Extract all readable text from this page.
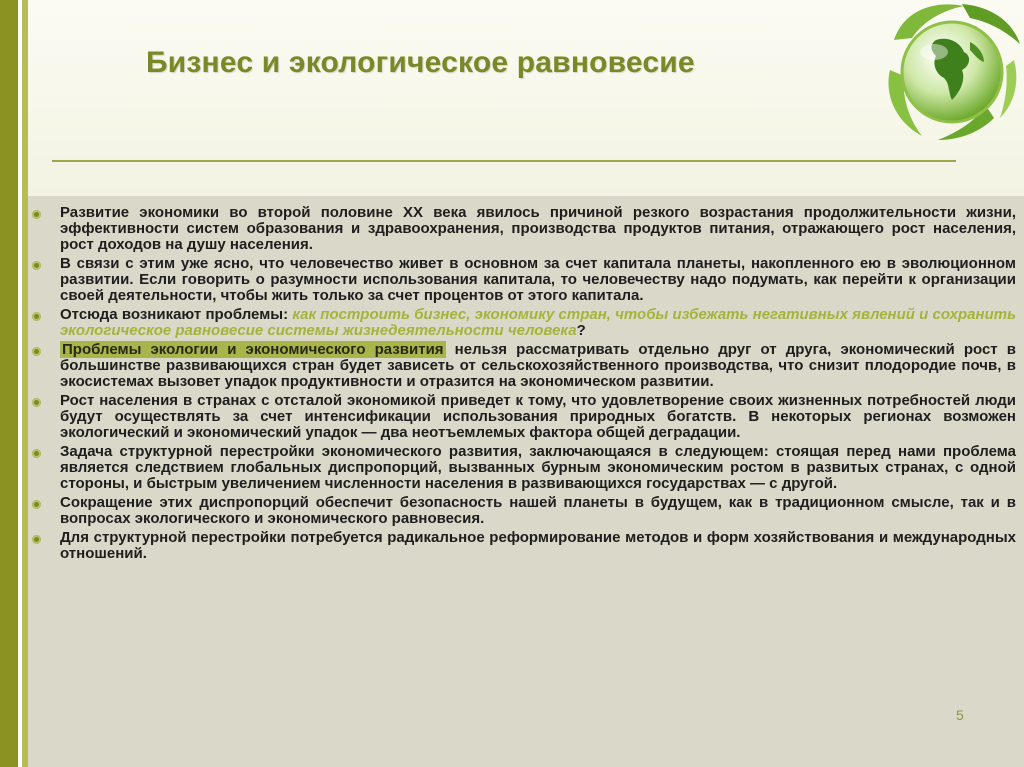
Бизнес и экологическое равновесие
Развитие экономики во второй половине XX века явилось причиной резкого возрастания продолжительности жизни, эффективности систем образования и здравоохранения, производства продуктов питания, отражающего рост населения, рост доходов на душу населения.
В связи с этим уже ясно, что человечество живет в основном за счет капитала планеты, накопленного ею в эволюционном развитии. Если говорить о разумности использования капитала, то человечеству надо подумать, как перейти к организации своей деятельности, чтобы жить только за счет процентов от этого капитала.
Отсюда возникают проблемы: как построить бизнес, экономику стран, чтобы избежать негативных явлений и сохранить экологическое равновесие системы жизнедеятельности человека?
Проблемы экологии и экономического развития нельзя рассматривать отдельно друг от друга, экономический рост в большинстве развивающихся стран будет зависеть от сельскохозяйственного производства, что снизит плодородие почв, в экосистемах вызовет упадок продуктивности и отразится на экономическом развитии.
Рост населения в странах с отсталой экономикой приведет к тому, что удовлетворение своих жизненных потребностей люди будут осуществлять за счет интенсификации использования природных богатств. В некоторых регионах возможен экологический и экономический упадок — два неотъемлемых фактора общей деградации.
Задача структурной перестройки экономического развития, заключающаяся в следующем: стоящая перед нами проблема является следствием глобальных диспропорций, вызванных бурным экономическим ростом в развитых странах, с одной стороны, и быстрым увеличением численности населения в развивающихся государствах — с другой.
Сокращение этих диспропорций обеспечит безопасность нашей планеты в будущем, как в традиционном смысле, так и в вопросах экологического и экономического равновесия.
Для структурной перестройки потребуется радикальное реформирование методов и форм хозяйствования и международных отношений.
5
